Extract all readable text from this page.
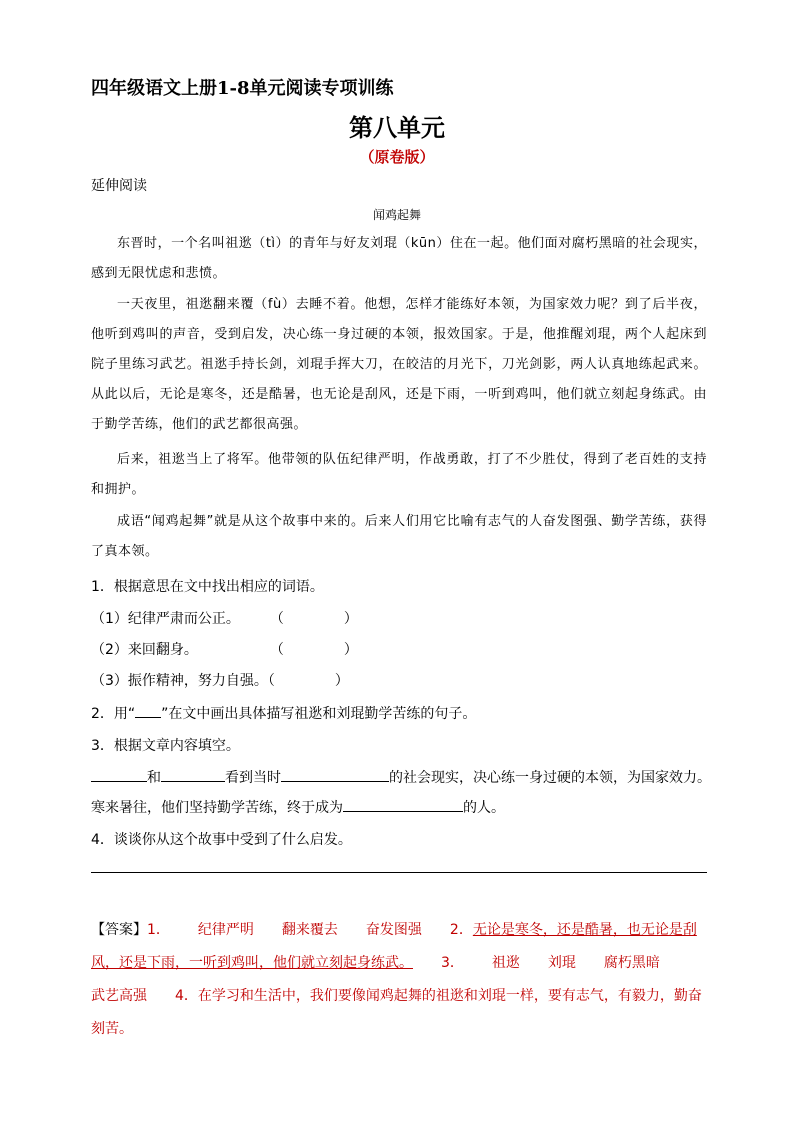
四年级语文上册1-8单元阅读专项训练
第八单元
（原卷版）
延伸阅读
闻鸡起舞
东晋时，一个名叫祖逖（tì）的青年与好友刘琨（kūn）住在一起。他们面对腐朽黑暗的社会现实，感到无限忧虑和悲愤。
一天夜里，祖逖翻来覆（fù）去睡不着。他想，怎样才能练好本领，为国家效力呢？到了后半夜，他听到鸡叫的声音，受到启发，决心练一身过硬的本领，报效国家。于是，他推醒刘琨，两个人起床到院子里练习武艺。祖逖手持长剑，刘琨手挥大刀，在皎洁的月光下，刀光剑影，两人认真地练起武来。从此以后，无论是寒冬，还是酷暑，也无论是刮风，还是下雨，一听到鸡叫，他们就立刻起身练武。由于勤学苦练，他们的武艺都很高强。
后来，祖逖当上了将军。他带领的队伍纪律严明，作战勇敢，打了不少胜仗，得到了老百姓的支持和拥护。
成语“闻鸡起舞”就是从这个故事中来的。后来人们用它比喻有志气的人奋发图强、勤学苦练，获得了真本领。
1．根据意思在文中找出相应的词语。
（1）纪律严肃而公正。 （	）
（2）来回翻身。	（	）
（3）振作精神，努力自强。（	）
2．用“ ”在文中画出具体描写祖逖和刘琨勤学苦练的句子。
3．根据文章内容填空。
和	看到当时	的社会现实，决心练一身过硬的本领，为国家效力。
寒来暑往，他们坚持勤学苦练，终于成为	的人。
4．谈谈你从这个故事中受到了什么启发。
【答案】1． 纪律严明 翻来覆去 奋发图强 2．无论是寒冬，还是酷暑，也无论是刮风，还是下雨，一听到鸡叫，他们就立刻起身练武。 3． 祖逖 刘琨 腐朽黑暗
武艺高强 4．在学习和生活中，我们要像闻鸡起舞的祖逖和刘琨一样，要有志气，有毅力，勤奋刻苦。
